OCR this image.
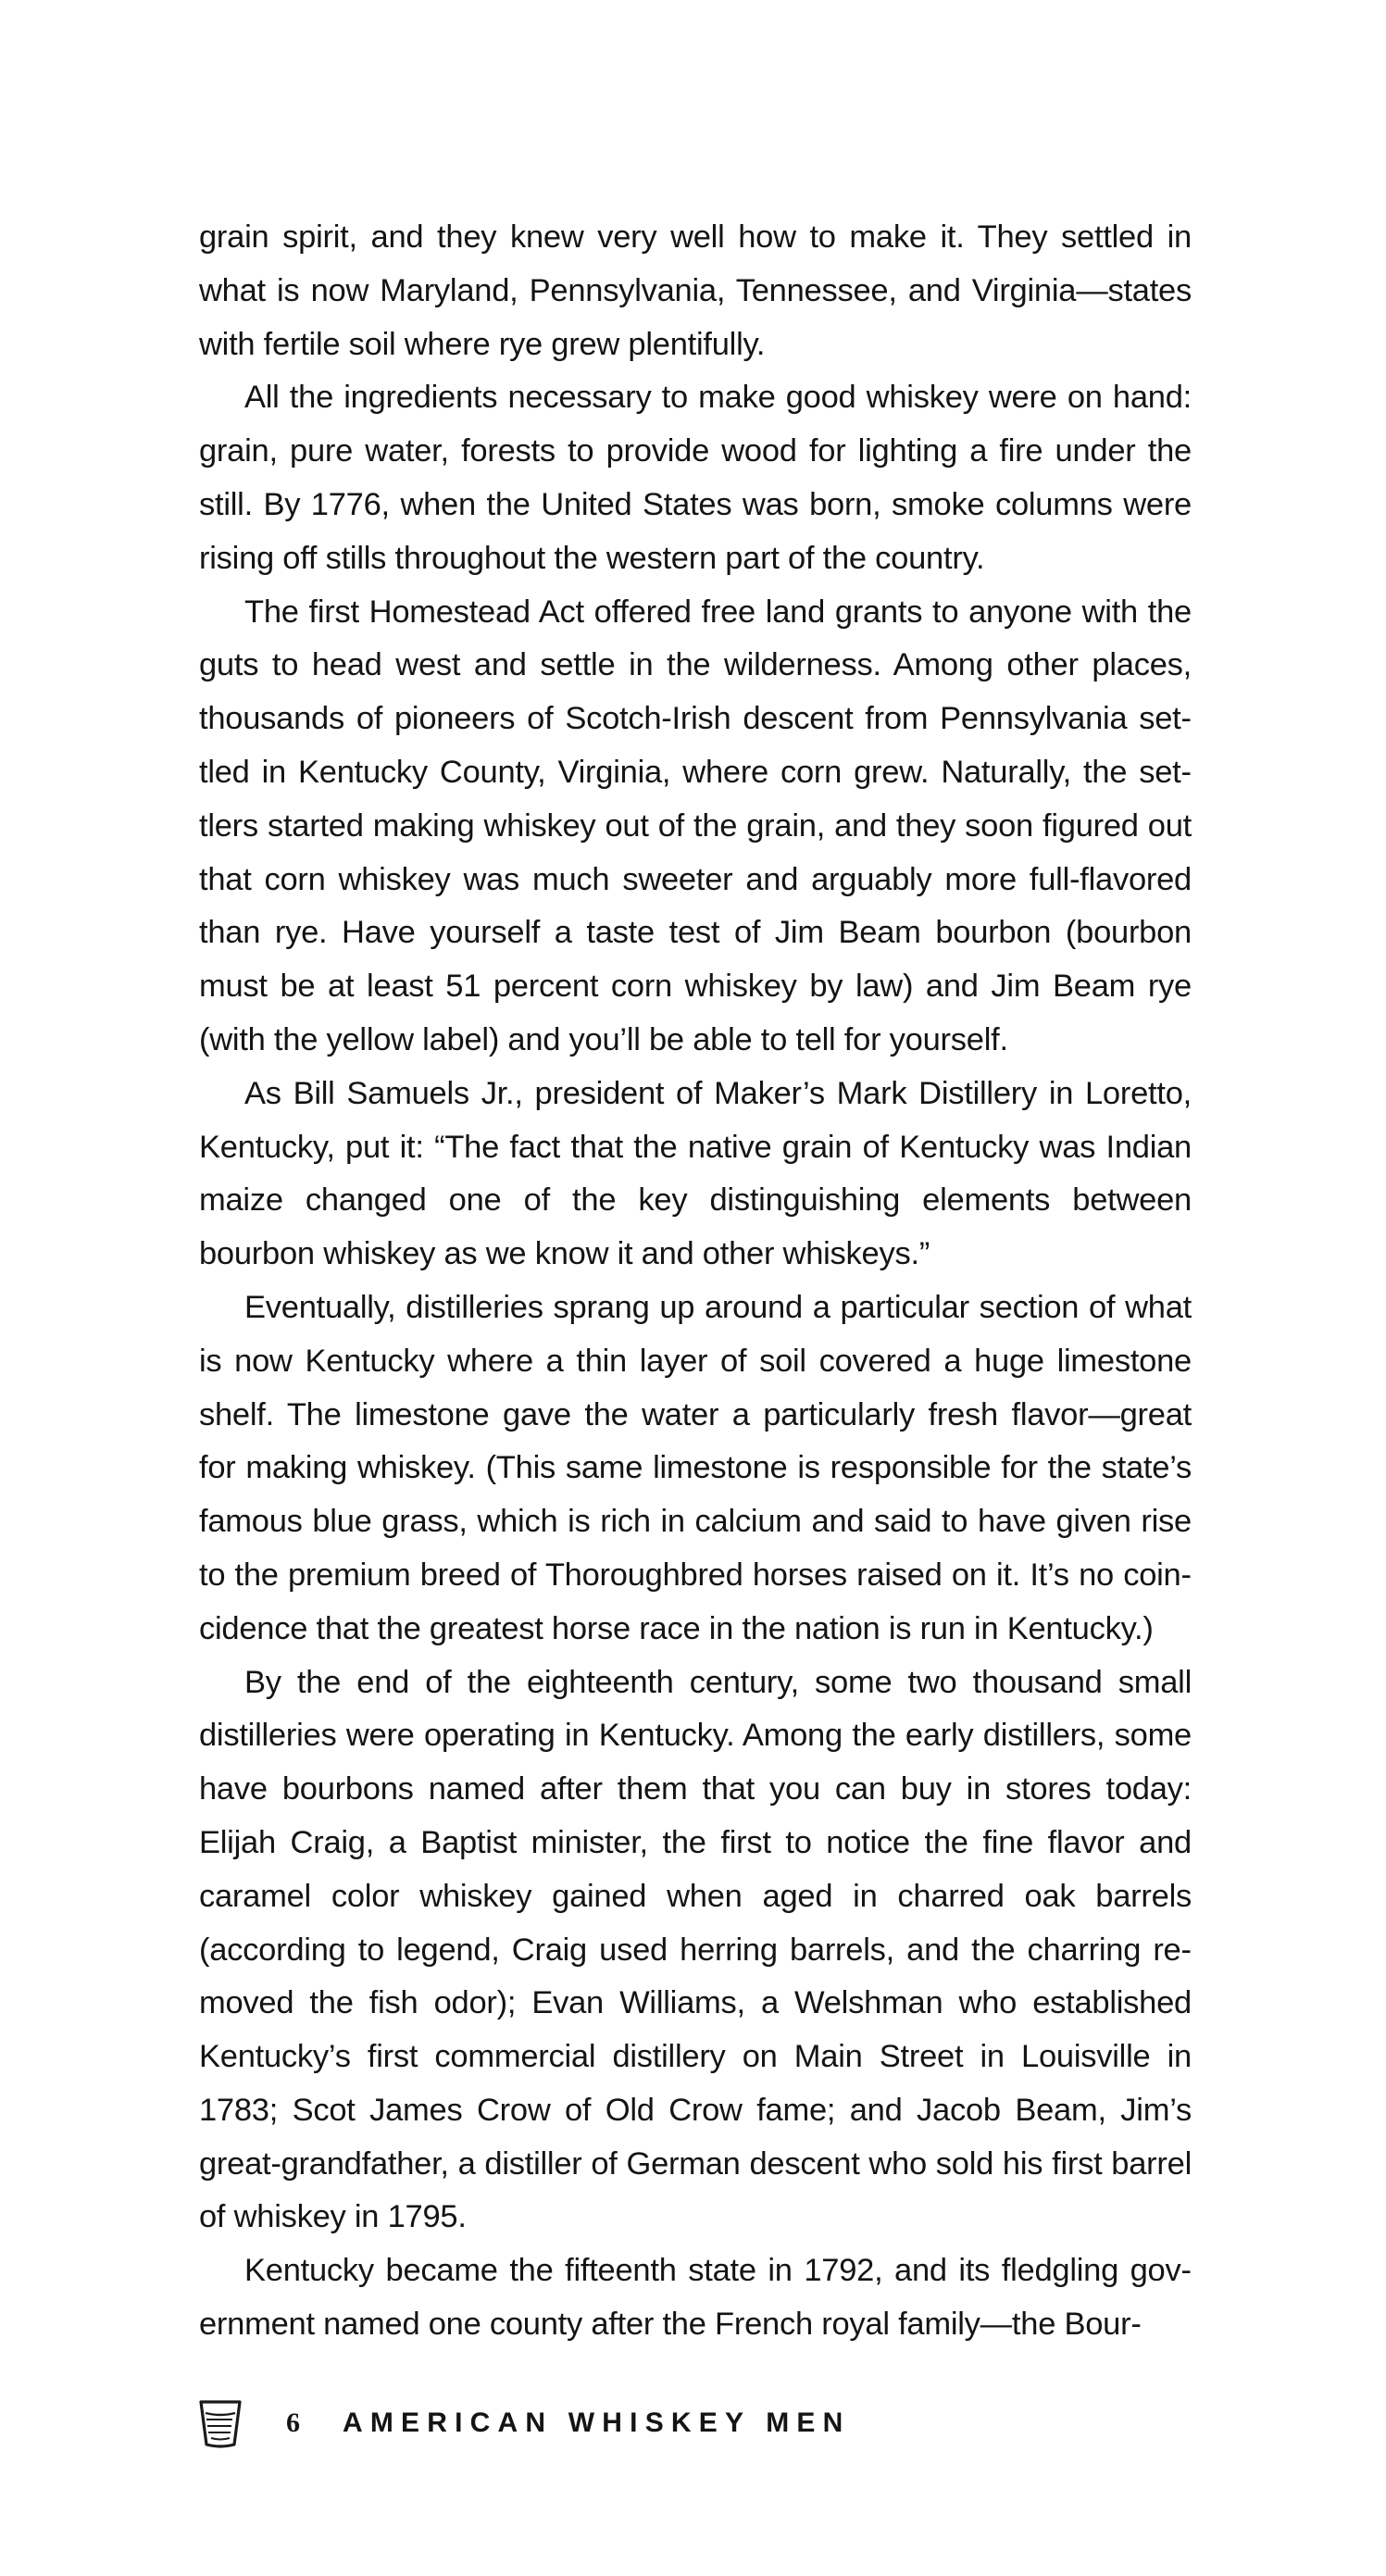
grain spirit, and they knew very well how to make it. They settled in what is now Maryland, Pennsylvania, Tennessee, and Virginia—states with fertile soil where rye grew plentifully.

All the ingredients necessary to make good whiskey were on hand: grain, pure water, forests to provide wood for lighting a fire under the still. By 1776, when the United States was born, smoke columns were rising off stills throughout the western part of the country.

The first Homestead Act offered free land grants to anyone with the guts to head west and settle in the wilderness. Among other places, thousands of pioneers of Scotch-Irish descent from Pennsylvania settled in Kentucky County, Virginia, where corn grew. Naturally, the settlers started making whiskey out of the grain, and they soon figured out that corn whiskey was much sweeter and arguably more full-flavored than rye. Have yourself a taste test of Jim Beam bourbon (bourbon must be at least 51 percent corn whiskey by law) and Jim Beam rye (with the yellow label) and you’ll be able to tell for yourself.

As Bill Samuels Jr., president of Maker’s Mark Distillery in Loretto, Kentucky, put it: “The fact that the native grain of Kentucky was Indian maize changed one of the key distinguishing elements between bourbon whiskey as we know it and other whiskeys.”

Eventually, distilleries sprang up around a particular section of what is now Kentucky where a thin layer of soil covered a huge limestone shelf. The limestone gave the water a particularly fresh flavor—great for making whiskey. (This same limestone is responsible for the state’s famous blue grass, which is rich in calcium and said to have given rise to the premium breed of Thoroughbred horses raised on it. It’s no coincidence that the greatest horse race in the nation is run in Kentucky.)

By the end of the eighteenth century, some two thousand small distilleries were operating in Kentucky. Among the early distillers, some have bourbons named after them that you can buy in stores today: Elijah Craig, a Baptist minister, the first to notice the fine flavor and caramel color whiskey gained when aged in charred oak barrels (according to legend, Craig used herring barrels, and the charring removed the fish odor); Evan Williams, a Welshman who established Kentucky’s first commercial distillery on Main Street in Louisville in 1783; Scot James Crow of Old Crow fame; and Jacob Beam, Jim’s great-grandfather, a distiller of German descent who sold his first barrel of whiskey in 1795.

Kentucky became the fifteenth state in 1792, and its fledgling government named one county after the French royal family—the Bour-

6 AMERICAN WHISKEY MEN
